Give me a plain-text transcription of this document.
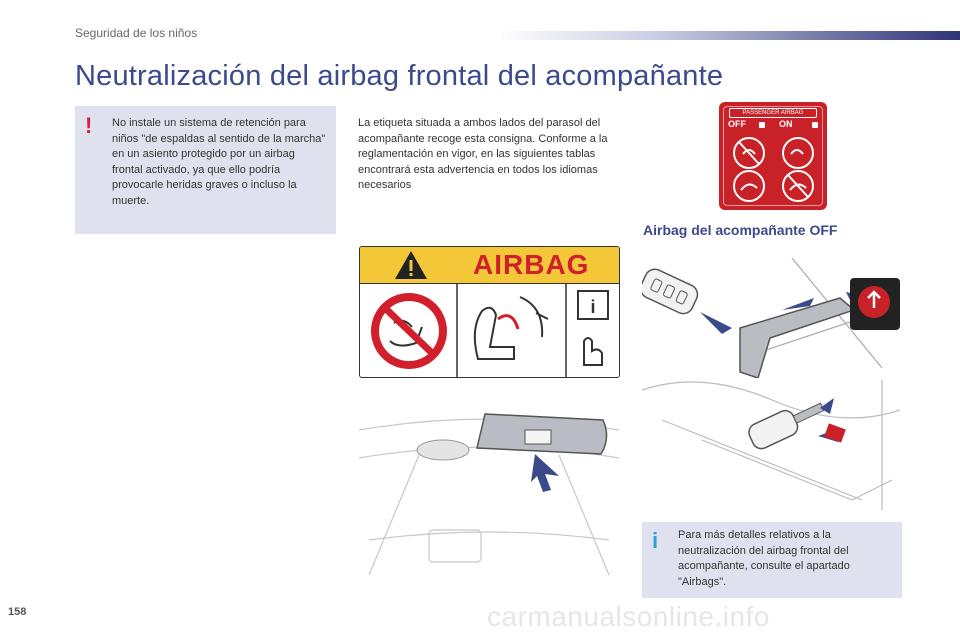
Seguridad de los niños
Neutralización del airbag frontal del acompañante
! No instale un sistema de retención para niños "de espaldas al sentido de la marcha" en un asiento protegido por un airbag frontal activado, ya que ello podría provocarle heridas graves o incluso la muerte.
La etiqueta situada a ambos lados del parasol del acompañante recoge esta consigna. Conforme a la reglamentación en vigor, en las siguientes tablas encontrará esta advertencia en todos los idiomas necesarios
PASSENGER AIRBAG
OFF	ON
Airbag del acompañante OFF
AIRBAG
i
i Para más detalles relativos a la neutralización del airbag frontal del acompañante, consulte el apartado "Airbags".
158	carmanualsonline.info
